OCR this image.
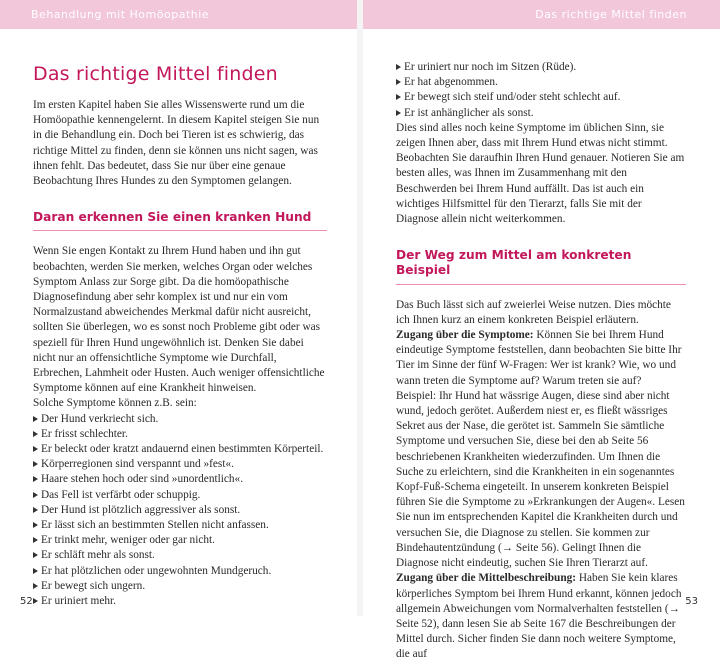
Behandlung mit Homöopathie	Das richtige Mittel finden
Das richtige Mittel finden

Im ersten Kapitel haben Sie alles Wissenswerte rund um die Homöopathie kennengelernt. In diesem Kapitel steigen Sie nun in die Behandlung ein. Doch bei Tieren ist es schwierig, das richtige Mittel zu finden, denn sie können uns nicht sagen, was ihnen fehlt. Das bedeutet, dass Sie nur über eine genaue Beobachtung Ihres Hundes zu den Symptomen gelangen.

Daran erkennen Sie einen kranken Hund

Wenn Sie engen Kontakt zu Ihrem Hund haben und ihn gut beobachten, werden Sie merken, welches Organ oder welches Symptom Anlass zur Sorge gibt. Da die homöopathische Diagnosefindung aber sehr komplex ist und nur ein vom Normalzustand abweichendes Merkmal dafür nicht ausreicht, sollten Sie überlegen, wo es sonst noch Probleme gibt oder was speziell für Ihren Hund ungewöhnlich ist. Denken Sie dabei nicht nur an offensichtliche Symptome wie Durchfall, Erbrechen, Lahmheit oder Husten. Auch weniger offensichtliche Symptome können auf eine Krankheit hinweisen.

Solche Symptome können z.B. sein:

Der Hund verkriecht sich.
Er frisst schlechter.
Er beleckt oder kratzt andauernd einen bestimmten Körperteil.
Körperregionen sind verspannt und »fest«.
Haare stehen hoch oder sind »unordentlich«.
Das Fell ist verfärbt oder schuppig.
Der Hund ist plötzlich aggressiver als sonst.
Er lässt sich an bestimmten Stellen nicht anfassen.
Er trinkt mehr, weniger oder gar nicht.
Er schläft mehr als sonst.
Er hat plötzlichen oder ungewohnten Mundgeruch.
Er bewegt sich ungern.
Er uriniert mehr.
Er uriniert nur noch im Sitzen (Rüde).
Er hat abgenommen.
Er bewegt sich steif und/oder steht schlecht auf.
Er ist anhänglicher als sonst.

Dies sind alles noch keine Symptome im üblichen Sinn, sie zeigen Ihnen aber, dass mit Ihrem Hund etwas nicht stimmt. Beobachten Sie daraufhin Ihren Hund genauer. Notieren Sie am besten alles, was Ihnen im Zusammenhang mit den Beschwerden bei Ihrem Hund auffällt. Das ist auch ein wichtiges Hilfsmittel für den Tierarzt, falls Sie mit der Diagnose allein nicht weiterkommen.

Der Weg zum Mittel am konkreten Beispiel

Das Buch lässt sich auf zweierlei Weise nutzen. Dies möchte ich Ihnen kurz an einem konkreten Beispiel erläutern.

Zugang über die Symptome: Können Sie bei Ihrem Hund eindeutige Symptome feststellen, dann beobachten Sie bitte Ihr Tier im Sinne der fünf W-Fragen: Wer ist krank? Wie, wo und wann treten die Symptome auf? Warum treten sie auf?

Beispiel: Ihr Hund hat wässrige Augen, diese sind aber nicht wund, jedoch gerötet. Außerdem niest er, es fließt wässriges Sekret aus der Nase, die gerötet ist. Sammeln Sie sämtliche Symptome und versuchen Sie, diese bei den ab Seite 56 beschriebenen Krankheiten wiederzufinden. Um Ihnen die Suche zu erleichtern, sind die Krankheiten in ein sogenanntes Kopf-Fuß-Schema eingeteilt. In unserem konkreten Beispiel führen Sie die Symptome zu »Erkrankungen der Augen«. Lesen Sie nun im entsprechenden Kapitel die Krankheiten durch und versuchen Sie, die Diagnose zu stellen. Sie kommen zur Bindehautentzündung (→ Seite 56). Gelingt Ihnen die Diagnose nicht eindeutig, suchen Sie Ihren Tierarzt auf.

Zugang über die Mittelbeschreibung: Haben Sie kein klares körperliches Symptom bei Ihrem Hund erkannt, können jedoch allgemein Abweichungen vom Normalverhalten feststellen (→ Seite 52), dann lesen Sie ab Seite 167 die Beschreibungen der Mittel durch. Sicher finden Sie dann noch weitere Symptome, die auf

52	53
